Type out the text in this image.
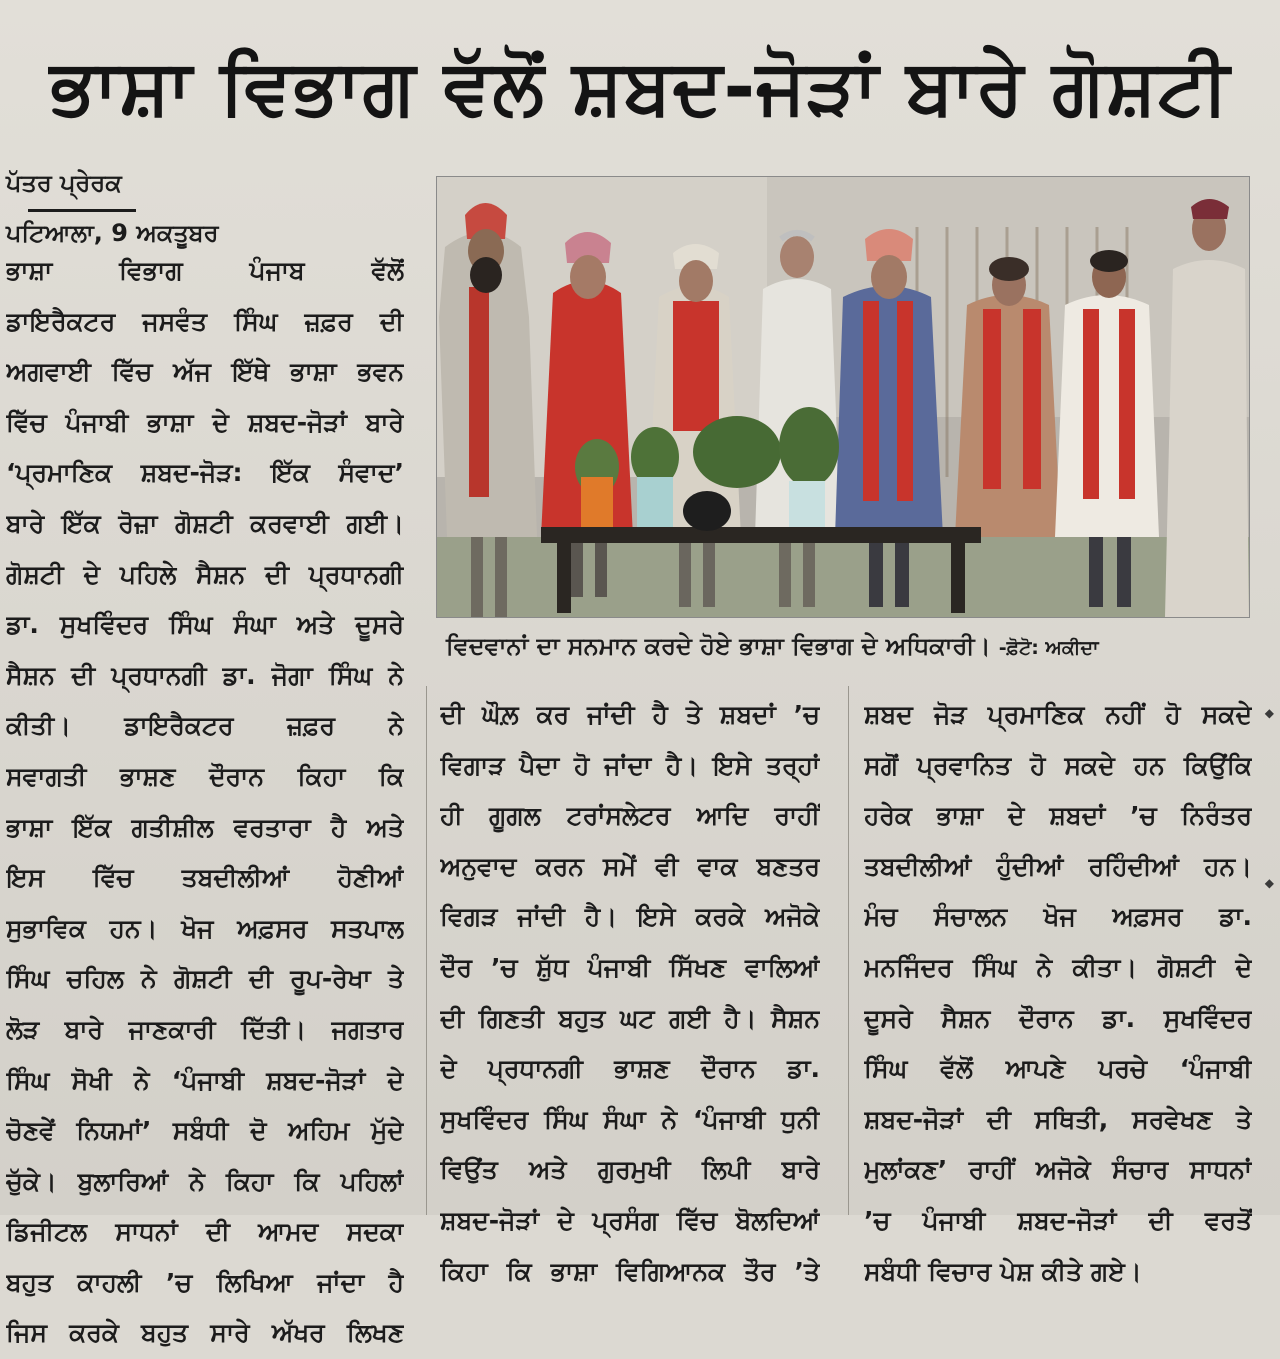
ਭਾਸ਼ਾ ਵਿਭਾਗ ਵੱਲੋਂ ਸ਼ਬਦ-ਜੋੜਾਂ ਬਾਰੇ ਗੋਸ਼ਟੀ
ਪੱਤਰ ਪ੍ਰੇਰਕ
ਪਟਿਆਲਾ, 9 ਅਕਤੂਬਰ
ਭਾਸ਼ਾ ਵਿਭਾਗ ਪੰਜਾਬ ਵੱਲੋਂ
ਡਾਇਰੈਕਟਰ ਜਸਵੰਤ ਸਿੰਘ ਜ਼ਫ਼ਰ ਦੀ
ਅਗਵਾਈ ਵਿੱਚ ਅੱਜ ਇੱਥੇ ਭਾਸ਼ਾ ਭਵਨ
ਵਿੱਚ ਪੰਜਾਬੀ ਭਾਸ਼ਾ ਦੇ ਸ਼ਬਦ-ਜੋੜਾਂ ਬਾਰੇ
‘ਪ੍ਰਮਾਣਿਕ ਸ਼ਬਦ-ਜੋੜ: ਇੱਕ ਸੰਵਾਦ’
ਬਾਰੇ ਇੱਕ ਰੋਜ਼ਾ ਗੋਸ਼ਟੀ ਕਰਵਾਈ ਗਈ।
ਗੋਸ਼ਟੀ ਦੇ ਪਹਿਲੇ ਸੈਸ਼ਨ ਦੀ ਪ੍ਰਧਾਨਗੀ
ਡਾ. ਸੁਖਵਿੰਦਰ ਸਿੰਘ ਸੰਘਾ ਅਤੇ ਦੂਸਰੇ
ਸੈਸ਼ਨ ਦੀ ਪ੍ਰਧਾਨਗੀ ਡਾ. ਜੋਗਾ ਸਿੰਘ ਨੇ
ਕੀਤੀ। ਡਾਇਰੈਕਟਰ ਜ਼ਫ਼ਰ ਨੇ
ਸਵਾਗਤੀ ਭਾਸ਼ਣ ਦੌਰਾਨ ਕਿਹਾ ਕਿ
ਭਾਸ਼ਾ ਇੱਕ ਗਤੀਸ਼ੀਲ ਵਰਤਾਰਾ ਹੈ ਅਤੇ
ਇਸ ਵਿੱਚ ਤਬਦੀਲੀਆਂ ਹੋਣੀਆਂ
ਸੁਭਾਵਿਕ ਹਨ। ਖੋਜ ਅਫ਼ਸਰ ਸਤਪਾਲ
ਸਿੰਘ ਚਹਿਲ ਨੇ ਗੋਸ਼ਟੀ ਦੀ ਰੂਪ-ਰੇਖਾ ਤੇ
ਲੋੜ ਬਾਰੇ ਜਾਣਕਾਰੀ ਦਿੱਤੀ। ਜਗਤਾਰ
ਸਿੰਘ ਸੋਖੀ ਨੇ ‘ਪੰਜਾਬੀ ਸ਼ਬਦ-ਜੋੜਾਂ ਦੇ
ਚੋਣਵੇਂ ਨਿਯਮਾਂ’ ਸਬੰਧੀ ਦੋ ਅਹਿਮ ਮੁੱਦੇ
ਚੁੱਕੇ। ਬੁਲਾਰਿਆਂ ਨੇ ਕਿਹਾ ਕਿ ਪਹਿਲਾਂ
ਡਿਜੀਟਲ ਸਾਧਨਾਂ ਦੀ ਆਮਦ ਸਦਕਾ
ਬਹੁਤ ਕਾਹਲੀ ’ਚ ਲਿਖਿਆ ਜਾਂਦਾ ਹੈ
ਜਿਸ ਕਰਕੇ ਬਹੁਤ ਸਾਰੇ ਅੱਖਰ ਲਿਖਣ
ਵਿਦਵਾਨਾਂ ਦਾ ਸਨਮਾਨ ਕਰਦੇ ਹੋਏ ਭਾਸ਼ਾ ਵਿਭਾਗ ਦੇ ਅਧਿਕਾਰੀ। -ਫ਼ੋਟੋ: ਅਕੀਦਾ
ਦੀ ਘੌਲ਼ ਕਰ ਜਾਂਦੀ ਹੈ ਤੇ ਸ਼ਬਦਾਂ ’ਚ
ਵਿਗਾੜ ਪੈਦਾ ਹੋ ਜਾਂਦਾ ਹੈ। ਇਸੇ ਤਰ੍ਹਾਂ
ਹੀ ਗੂਗਲ ਟਰਾਂਸਲੇਟਰ ਆਦਿ ਰਾਹੀਂ
ਅਨੁਵਾਦ ਕਰਨ ਸਮੇਂ ਵੀ ਵਾਕ ਬਣਤਰ
ਵਿਗੜ ਜਾਂਦੀ ਹੈ। ਇਸੇ ਕਰਕੇ ਅਜੋਕੇ
ਦੌਰ ’ਚ ਸ਼ੁੱਧ ਪੰਜਾਬੀ ਸਿੱਖਣ ਵਾਲਿਆਂ
ਦੀ ਗਿਣਤੀ ਬਹੁਤ ਘਟ ਗਈ ਹੈ। ਸੈਸ਼ਨ
ਦੇ ਪ੍ਰਧਾਨਗੀ ਭਾਸ਼ਣ ਦੌਰਾਨ ਡਾ.
ਸੁਖਵਿੰਦਰ ਸਿੰਘ ਸੰਘਾ ਨੇ ‘ਪੰਜਾਬੀ ਧੁਨੀ
ਵਿਉਂਤ ਅਤੇ ਗੁਰਮੁਖੀ ਲਿਪੀ ਬਾਰੇ
ਸ਼ਬਦ-ਜੋੜਾਂ ਦੇ ਪ੍ਰਸੰਗ ਵਿੱਚ ਬੋਲਦਿਆਂ
ਕਿਹਾ ਕਿ ਭਾਸ਼ਾ ਵਿਗਿਆਨਕ ਤੌਰ ’ਤੇ
ਸ਼ਬਦ ਜੋੜ ਪ੍ਰਮਾਣਿਕ ਨਹੀਂ ਹੋ ਸਕਦੇ
ਸਗੋਂ ਪ੍ਰਵਾਨਿਤ ਹੋ ਸਕਦੇ ਹਨ ਕਿਉਂਕਿ
ਹਰੇਕ ਭਾਸ਼ਾ ਦੇ ਸ਼ਬਦਾਂ ’ਚ ਨਿਰੰਤਰ
ਤਬਦੀਲੀਆਂ ਹੁੰਦੀਆਂ ਰਹਿੰਦੀਆਂ ਹਨ।
ਮੰਚ ਸੰਚਾਲਨ ਖੋਜ ਅਫ਼ਸਰ ਡਾ.
ਮਨਜਿੰਦਰ ਸਿੰਘ ਨੇ ਕੀਤਾ। ਗੋਸ਼ਟੀ ਦੇ
ਦੂਸਰੇ ਸੈਸ਼ਨ ਦੌਰਾਨ ਡਾ. ਸੁਖਵਿੰਦਰ
ਸਿੰਘ ਵੱਲੋਂ ਆਪਣੇ ਪਰਚੇ ‘ਪੰਜਾਬੀ
ਸ਼ਬਦ-ਜੋੜਾਂ ਦੀ ਸਥਿਤੀ, ਸਰਵੇਖਣ ਤੇ
ਮੁਲਾਂਕਣ’ ਰਾਹੀਂ ਅਜੋਕੇ ਸੰਚਾਰ ਸਾਧਨਾਂ
’ਚ ਪੰਜਾਬੀ ਸ਼ਬਦ-ਜੋੜਾਂ ਦੀ ਵਰਤੋਂ
ਸਬੰਧੀ ਵਿਚਾਰ ਪੇਸ਼ ਕੀਤੇ ਗਏ।
◆
◆
